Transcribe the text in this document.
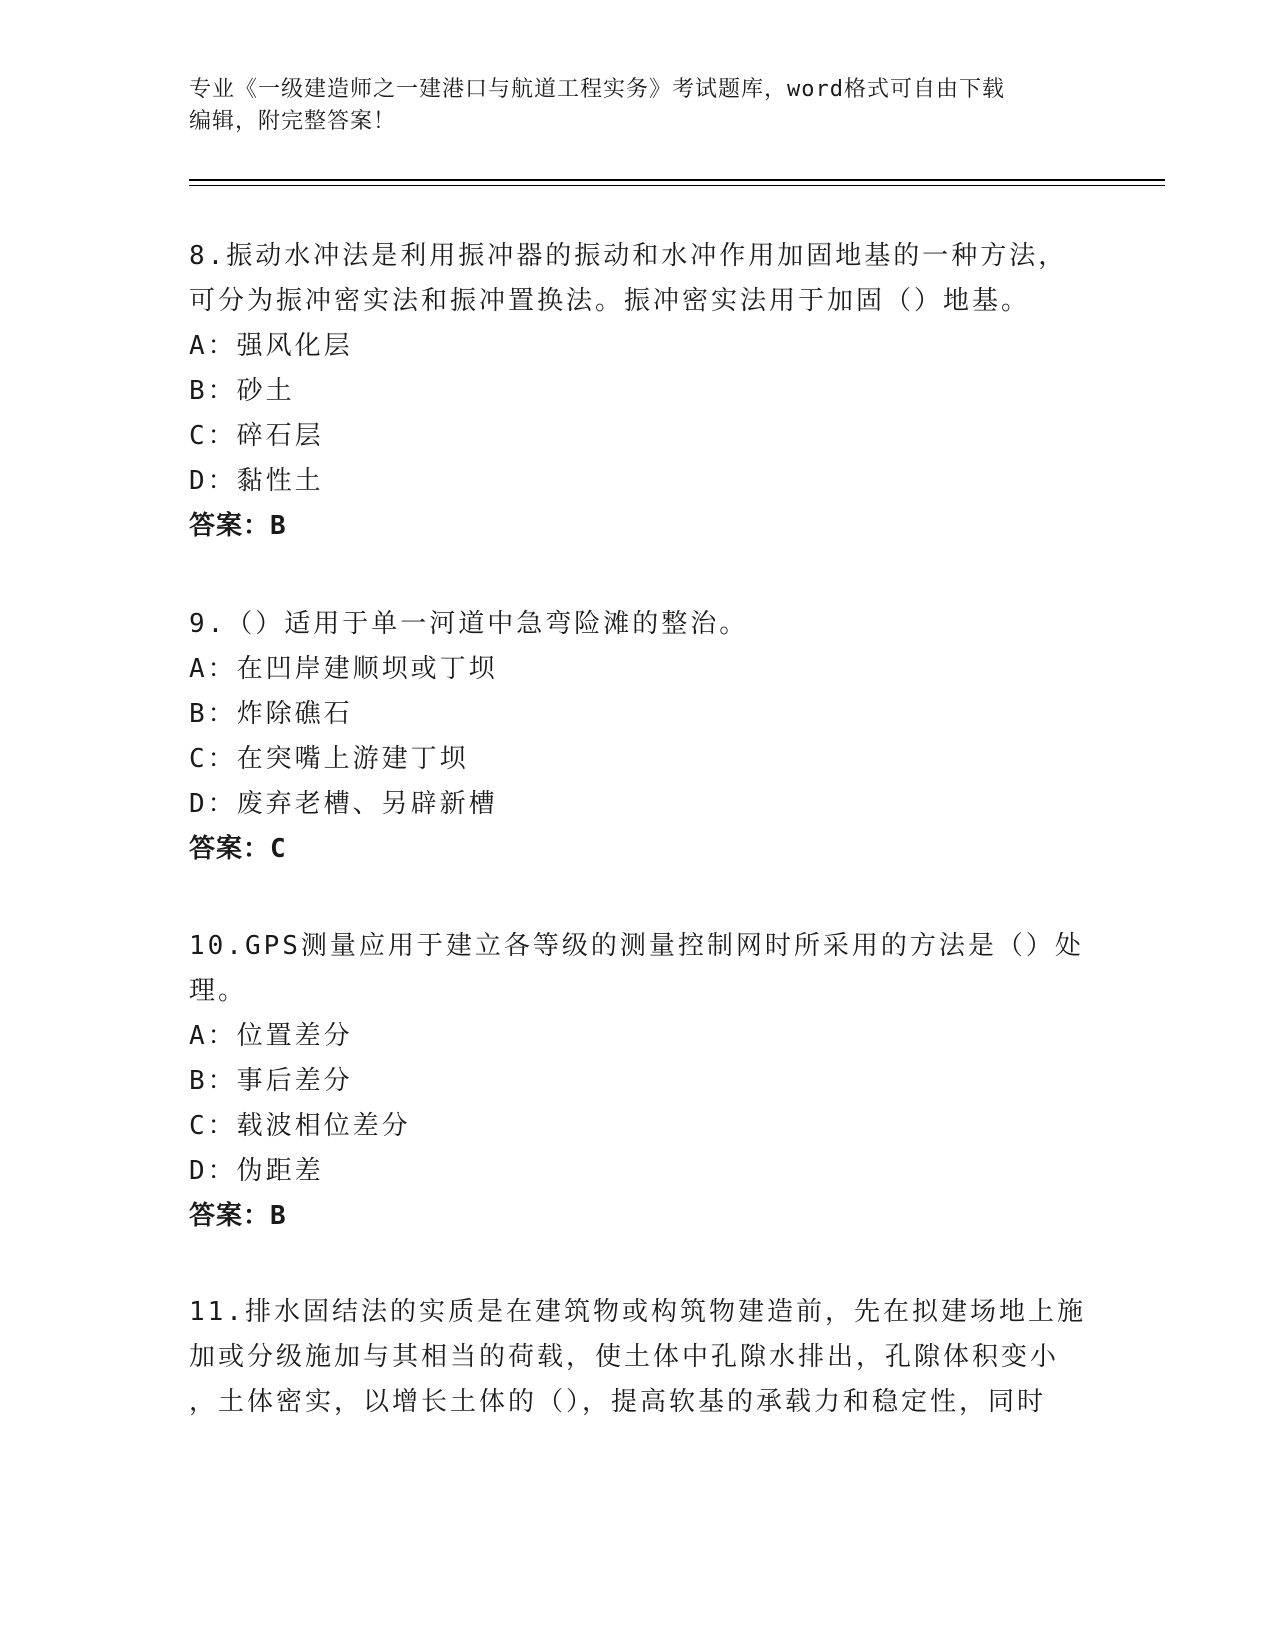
专业《一级建造师之一建港口与航道工程实务》考试题库，word格式可自由下载
编辑，附完整答案！

8.振动水冲法是利用振冲器的振动和水冲作用加固地基的一种方法，

可分为振冲密实法和振冲置换法。振冲密实法用于加固（）地基。

A：强风化层

B：砂土

C：碎石层

D：黏性土

答案：B

9.（）适用于单一河道中急弯险滩的整治。

A：在凹岸建顺坝或丁坝

B：炸除礁石

C：在突嘴上游建丁坝

D：废弃老槽、另辟新槽

答案：C

10.GPS测量应用于建立各等级的测量控制网时所采用的方法是（）处

理。

A：位置差分

B：事后差分

C：载波相位差分

D：伪距差

答案：B

11.排水固结法的实质是在建筑物或构筑物建造前，先在拟建场地上施

加或分级施加与其相当的荷载，使土体中孔隙水排出，孔隙体积变小

，土体密实，以增长土体的（），提高软基的承载力和稳定性，同时
